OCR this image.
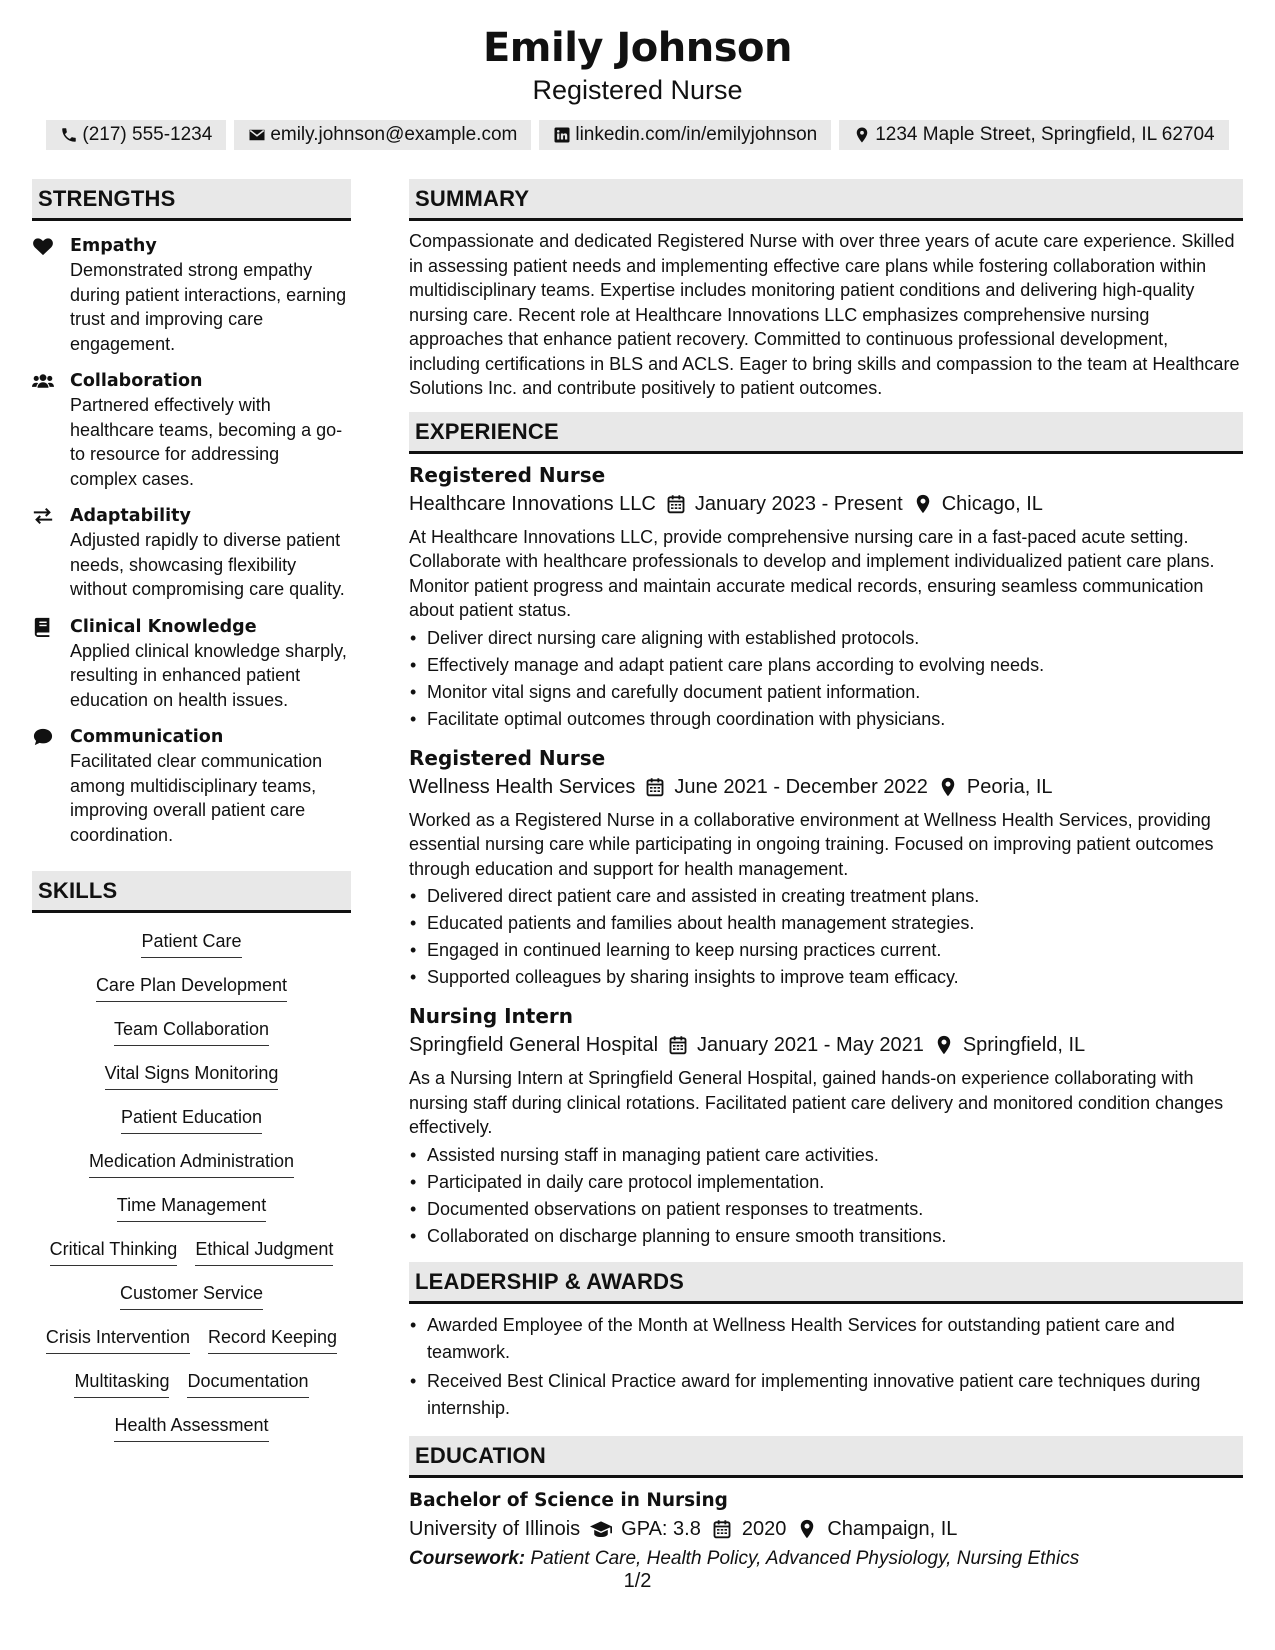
Emily Johnson
Registered Nurse
(217) 555-1234	emily.johnson@example.com	linkedin.com/in/emilyjohnson	1234 Maple Street, Springfield, IL 62704
STRENGTHS
Empathy
Demonstrated strong empathy during patient interactions, earning trust and improving care engagement.
Collaboration
Partnered effectively with healthcare teams, becoming a go-to resource for addressing complex cases.
Adaptability
Adjusted rapidly to diverse patient needs, showcasing flexibility without compromising care quality.
Clinical Knowledge
Applied clinical knowledge sharply, resulting in enhanced patient education on health issues.
Communication
Facilitated clear communication among multidisciplinary teams, improving overall patient care coordination.
SKILLS
Patient Care
Care Plan Development
Team Collaboration
Vital Signs Monitoring
Patient Education
Medication Administration
Time Management
Critical Thinking Ethical Judgment
Customer Service
Crisis Intervention Record Keeping
Multitasking Documentation
Health Assessment
SUMMARY
Compassionate and dedicated Registered Nurse with over three years of acute care experience. Skilled in assessing patient needs and implementing effective care plans while fostering collaboration within multidisciplinary teams. Expertise includes monitoring patient conditions and delivering high-quality nursing care. Recent role at Healthcare Innovations LLC emphasizes comprehensive nursing approaches that enhance patient recovery. Committed to continuous professional development, including certifications in BLS and ACLS. Eager to bring skills and compassion to the team at Healthcare Solutions Inc. and contribute positively to patient outcomes.
EXPERIENCE
Registered Nurse
Healthcare Innovations LLC January 2023 - Present Chicago, IL
At Healthcare Innovations LLC, provide comprehensive nursing care in a fast-paced acute setting. Collaborate with healthcare professionals to develop and implement individualized patient care plans. Monitor patient progress and maintain accurate medical records, ensuring seamless communication about patient status.
• Deliver direct nursing care aligning with established protocols.
• Effectively manage and adapt patient care plans according to evolving needs.
• Monitor vital signs and carefully document patient information.
• Facilitate optimal outcomes through coordination with physicians.
Registered Nurse
Wellness Health Services June 2021 - December 2022 Peoria, IL
Worked as a Registered Nurse in a collaborative environment at Wellness Health Services, providing essential nursing care while participating in ongoing training. Focused on improving patient outcomes through education and support for health management.
• Delivered direct patient care and assisted in creating treatment plans.
• Educated patients and families about health management strategies.
• Engaged in continued learning to keep nursing practices current.
• Supported colleagues by sharing insights to improve team efficacy.
Nursing Intern
Springfield General Hospital January 2021 - May 2021 Springfield, IL
As a Nursing Intern at Springfield General Hospital, gained hands-on experience collaborating with nursing staff during clinical rotations. Facilitated patient care delivery and monitored condition changes effectively.
• Assisted nursing staff in managing patient care activities.
• Participated in daily care protocol implementation.
• Documented observations on patient responses to treatments.
• Collaborated on discharge planning to ensure smooth transitions.
LEADERSHIP & AWARDS
• Awarded Employee of the Month at Wellness Health Services for outstanding patient care and teamwork.
• Received Best Clinical Practice award for implementing innovative patient care techniques during internship.
EDUCATION
Bachelor of Science in Nursing
University of Illinois GPA: 3.8 2020 Champaign, IL
Coursework: Patient Care, Health Policy, Advanced Physiology, Nursing Ethics
1/2
